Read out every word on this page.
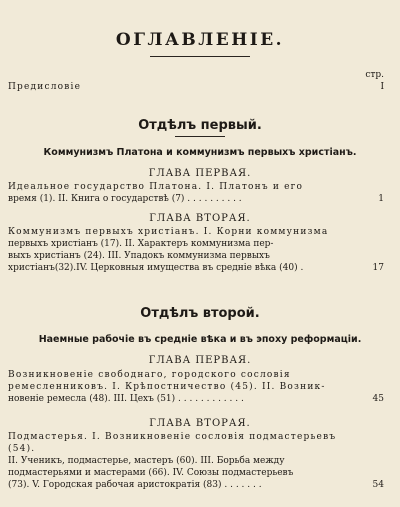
ОГЛАВЛЕНІЕ.
стр.
Предисловіе	I
Отдѣлъ первый.
Коммунизмъ Платона и коммунизмъ первыхъ христіанъ.
ГЛАВА ПЕРВАЯ.
Идеальное государство Платона. I. Платонъ и его
время (1). II. Книга о государствѣ (7) . . . . . . . . . .	1
ГЛАВА ВТОРАЯ.
Коммунизмъ первыхъ христіанъ. I. Корни коммунизма
первыхъ христіанъ (17). II. Характеръ коммунизма пер-
выхъ христіанъ (24). III. Упадокъ коммунизма первыхъ
христіанъ(32).IV. Церковныя имущества въ средніе вѣка (40) .	17
Отдѣлъ второй.
Наемные рабочіе въ средніе вѣка и въ эпоху реформаціи.
ГЛАВА ПЕРВАЯ.
Возникновеніе свободнаго, городского сословія
ремесленниковъ. I. Крѣпостничество (45). II. Возник-
новеніе ремесла (48). III. Цехъ (51) . . . . . . . . . . . .	45
ГЛАВА ВТОРАЯ.
Подмастерья. I. Возникновеніе сословія подмастерьевъ (54).
II. Ученикъ, подмастерье, мастеръ (60). III. Борьба между
подмастерьями и мастерами (66). IV. Союзы подмастерьевъ
(73). V. Городская рабочая аристократія (83) . . . . . . .	54
